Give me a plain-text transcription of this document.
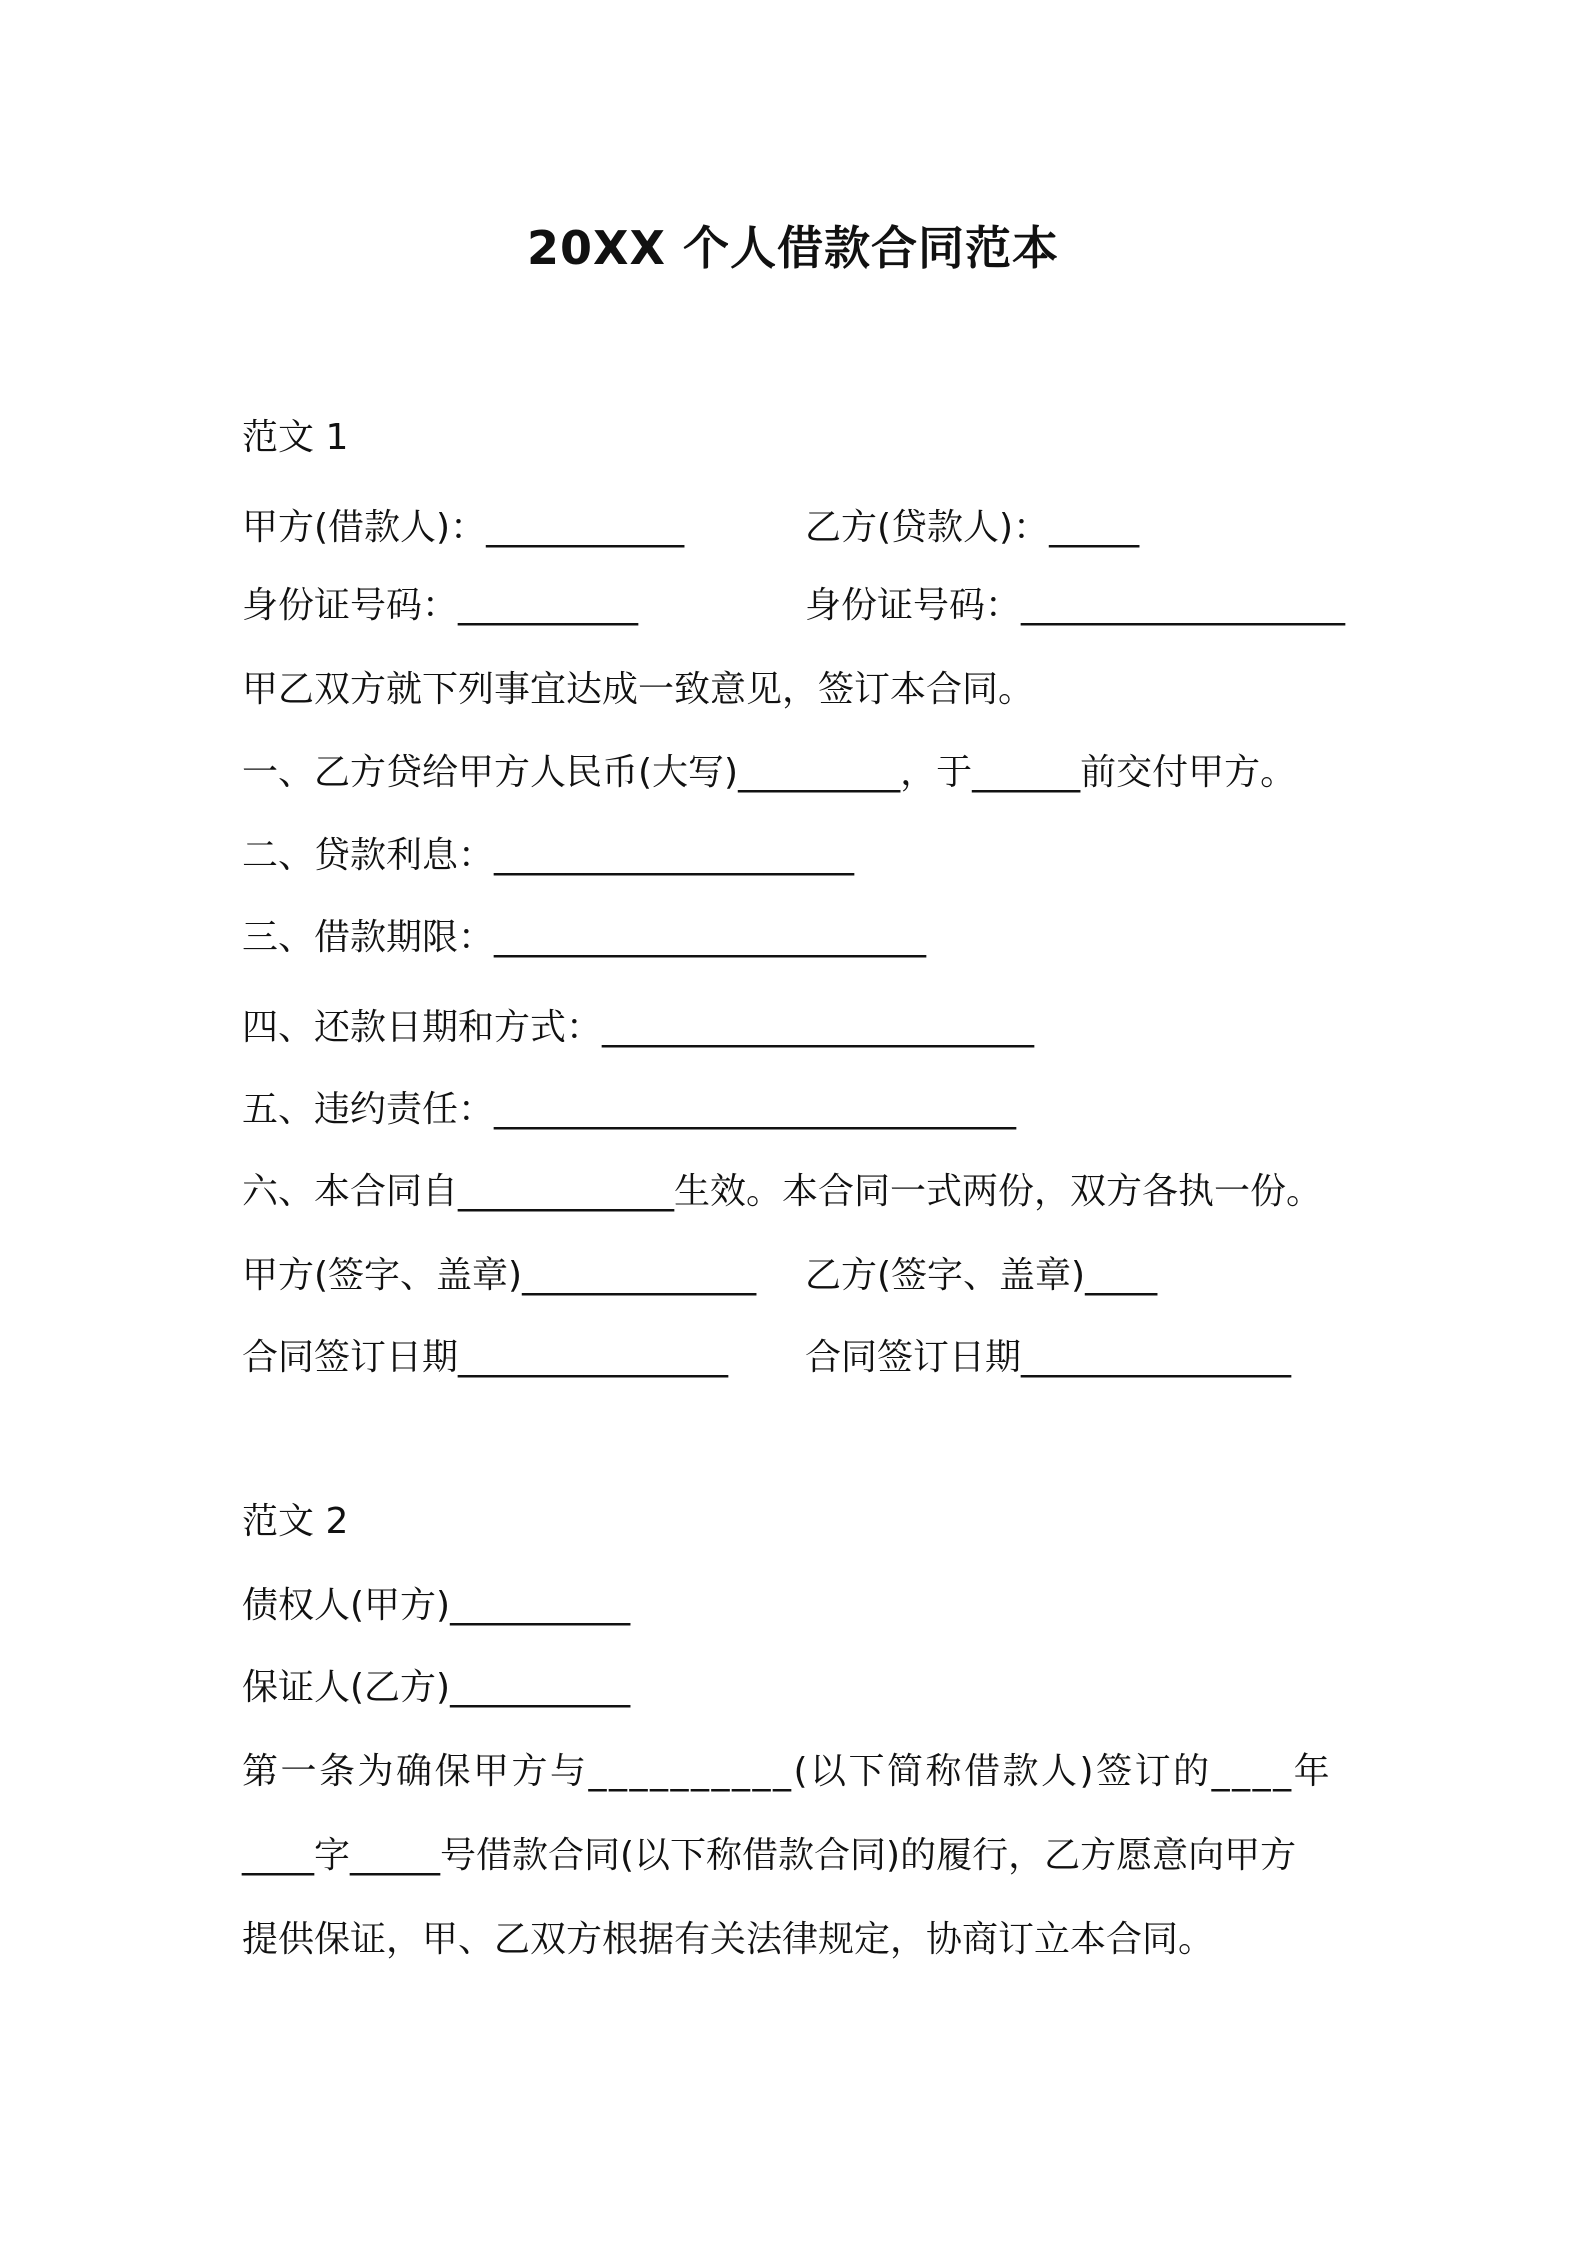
20XX 个人借款合同范本
范文 1
甲方(借款人)：___________	乙方(贷款人)：_____
身份证号码：__________	身份证号码：__________________
甲乙双方就下列事宜达成一致意见，签订本合同。
一、乙方贷给甲方人民币(大写)_________，于______前交付甲方。
二、贷款利息：____________________
三、借款期限：________________________
四、还款日期和方式：________________________
五、违约责任：_____________________________
六、本合同自____________生效。本合同一式两份，双方各执一份。
甲方(签字、盖章)_____________ 乙方(签字、盖章)____
合同签订日期_______________ 合同签订日期_______________
范文 2
债权人(甲方)__________
保证人(乙方)__________
第一条为确保甲方与__________(以下简称借款人)签订的____年
____字_____号借款合同(以下称借款合同)的履行，乙方愿意向甲方
提供保证，甲、乙双方根据有关法律规定，协商订立本合同。
